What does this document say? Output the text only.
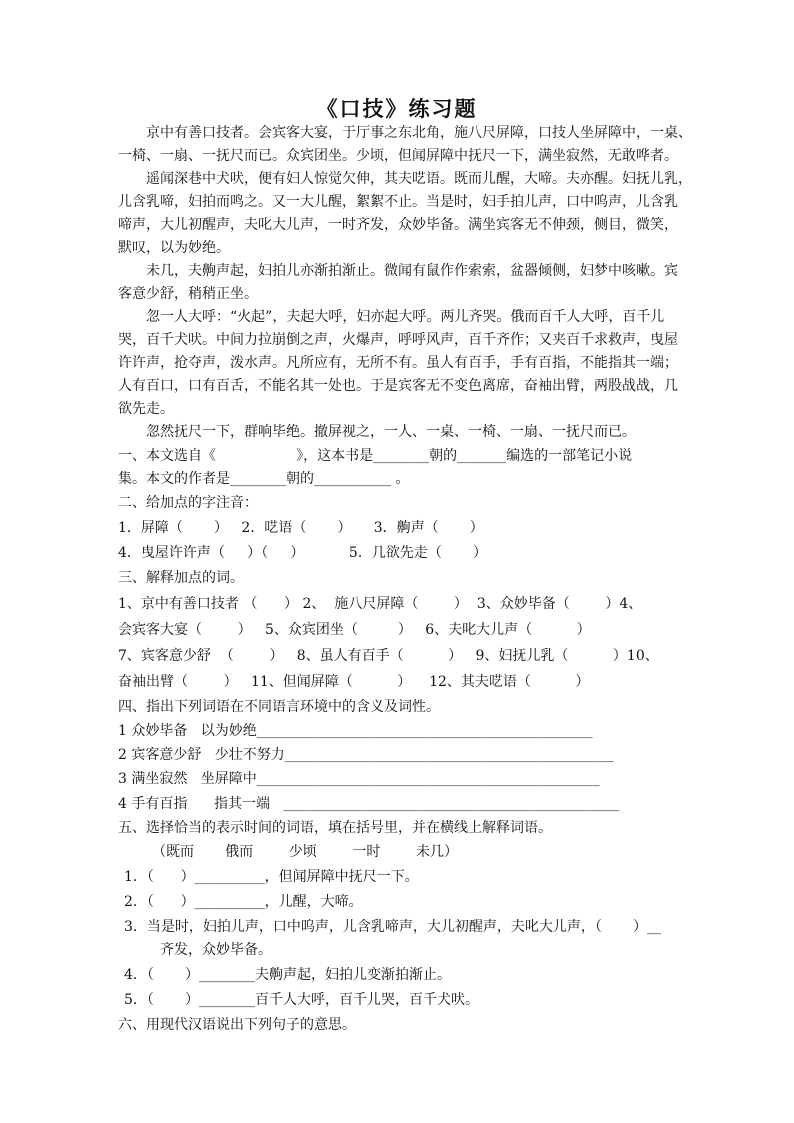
《口技》练习题
京中有善口技者。会宾客大宴，于厅事之东北角，施八尺屏障，口技人坐屏障中，一桌、
一椅、一扇、一抚尺而已。众宾团坐。少顷，但闻屏障中抚尺一下，满坐寂然，无敢哗者。
遥闻深巷中犬吠，便有妇人惊觉欠伸，其夫呓语。既而儿醒，大啼。夫亦醒。妇抚儿乳，
儿含乳啼，妇拍而鸣之。又一大儿醒，絮絮不止。当是时，妇手拍儿声，口中呜声，儿含乳
啼声，大儿初醒声，夫叱大儿声，一时齐发，众妙毕备。满坐宾客无不伸颈，侧目，微笑，
默叹，以为妙绝。
未几，夫齁声起，妇拍儿亦渐拍渐止。微闻有鼠作作索索，盆器倾侧，妇梦中咳嗽。宾
客意少舒，稍稍正坐。
忽一人大呼：“火起”，夫起大呼，妇亦起大呼。两儿齐哭。俄而百千人大呼，百千儿
哭，百千犬吠。中间力拉崩倒之声，火爆声，呼呼风声，百千齐作；又夹百千求救声，曳屋
许许声，抢夺声，泼水声。凡所应有，无所不有。虽人有百手，手有百指，不能指其一端；
人有百口，口有百舌，不能名其一处也。于是宾客无不变色离席，奋袖出臂，两股战战，几
欲先走。
忽然抚尺一下，群响毕绝。撤屏视之，一人、一桌、一椅、一扇、一抚尺而已。
一、本文选自《                  》，这本书是________朝的_______编选的一部笔记小说
集。本文的作者是________朝的___________ 。
二、给加点的字注音：
1．屏障（       ）   2．呓语（       ）     3．齁声（       ）
4．曳屋许许声（     ）（     ）          5．几欲先走（       ）
三、解释加点的词。
1、京中有善口技者 （      ） 2、  施八尺屏障（        ）  3、众妙毕备（        ）4、
会宾客大宴（        ）   5、众宾团坐（         ）   6、夫叱大儿声（          ）
7、宾客意少舒  （        ）   8、虽人有百手（          ）   9、妇抚儿乳（          ）10、
奋袖出臂（        ）   11、但闻屏障（          ）    12、其夫呓语（          ）
四、指出下列词语在不同语言环境中的含义及词性。
1 众妙毕备   以为妙绝________________________________________________
2 宾客意少舒   少壮不努力_______________________________________________
3 满坐寂然   坐屏障中_________________________________________________
4 手有百指      指其一端   ________________________________________________
五、选择恰当的表示时间的词语，填在括号里，并在横线上解释词语。
（既而       俄而        少顷        一时        未几）
1．（      ）__________，但闻屏障中抚尺一下。
2．（      ）__________，儿醒，大啼。
3．当是时，妇拍儿声，口中呜声，儿含乳啼声，大儿初醒声，夫叱大儿声，（       ）__
齐发，众妙毕备。
4．（       ）________夫齁声起，妇拍儿变渐拍渐止。
5．（       ）________百千人大呼，百千儿哭，百千犬吠。
六、用现代汉语说出下列句子的意思。
